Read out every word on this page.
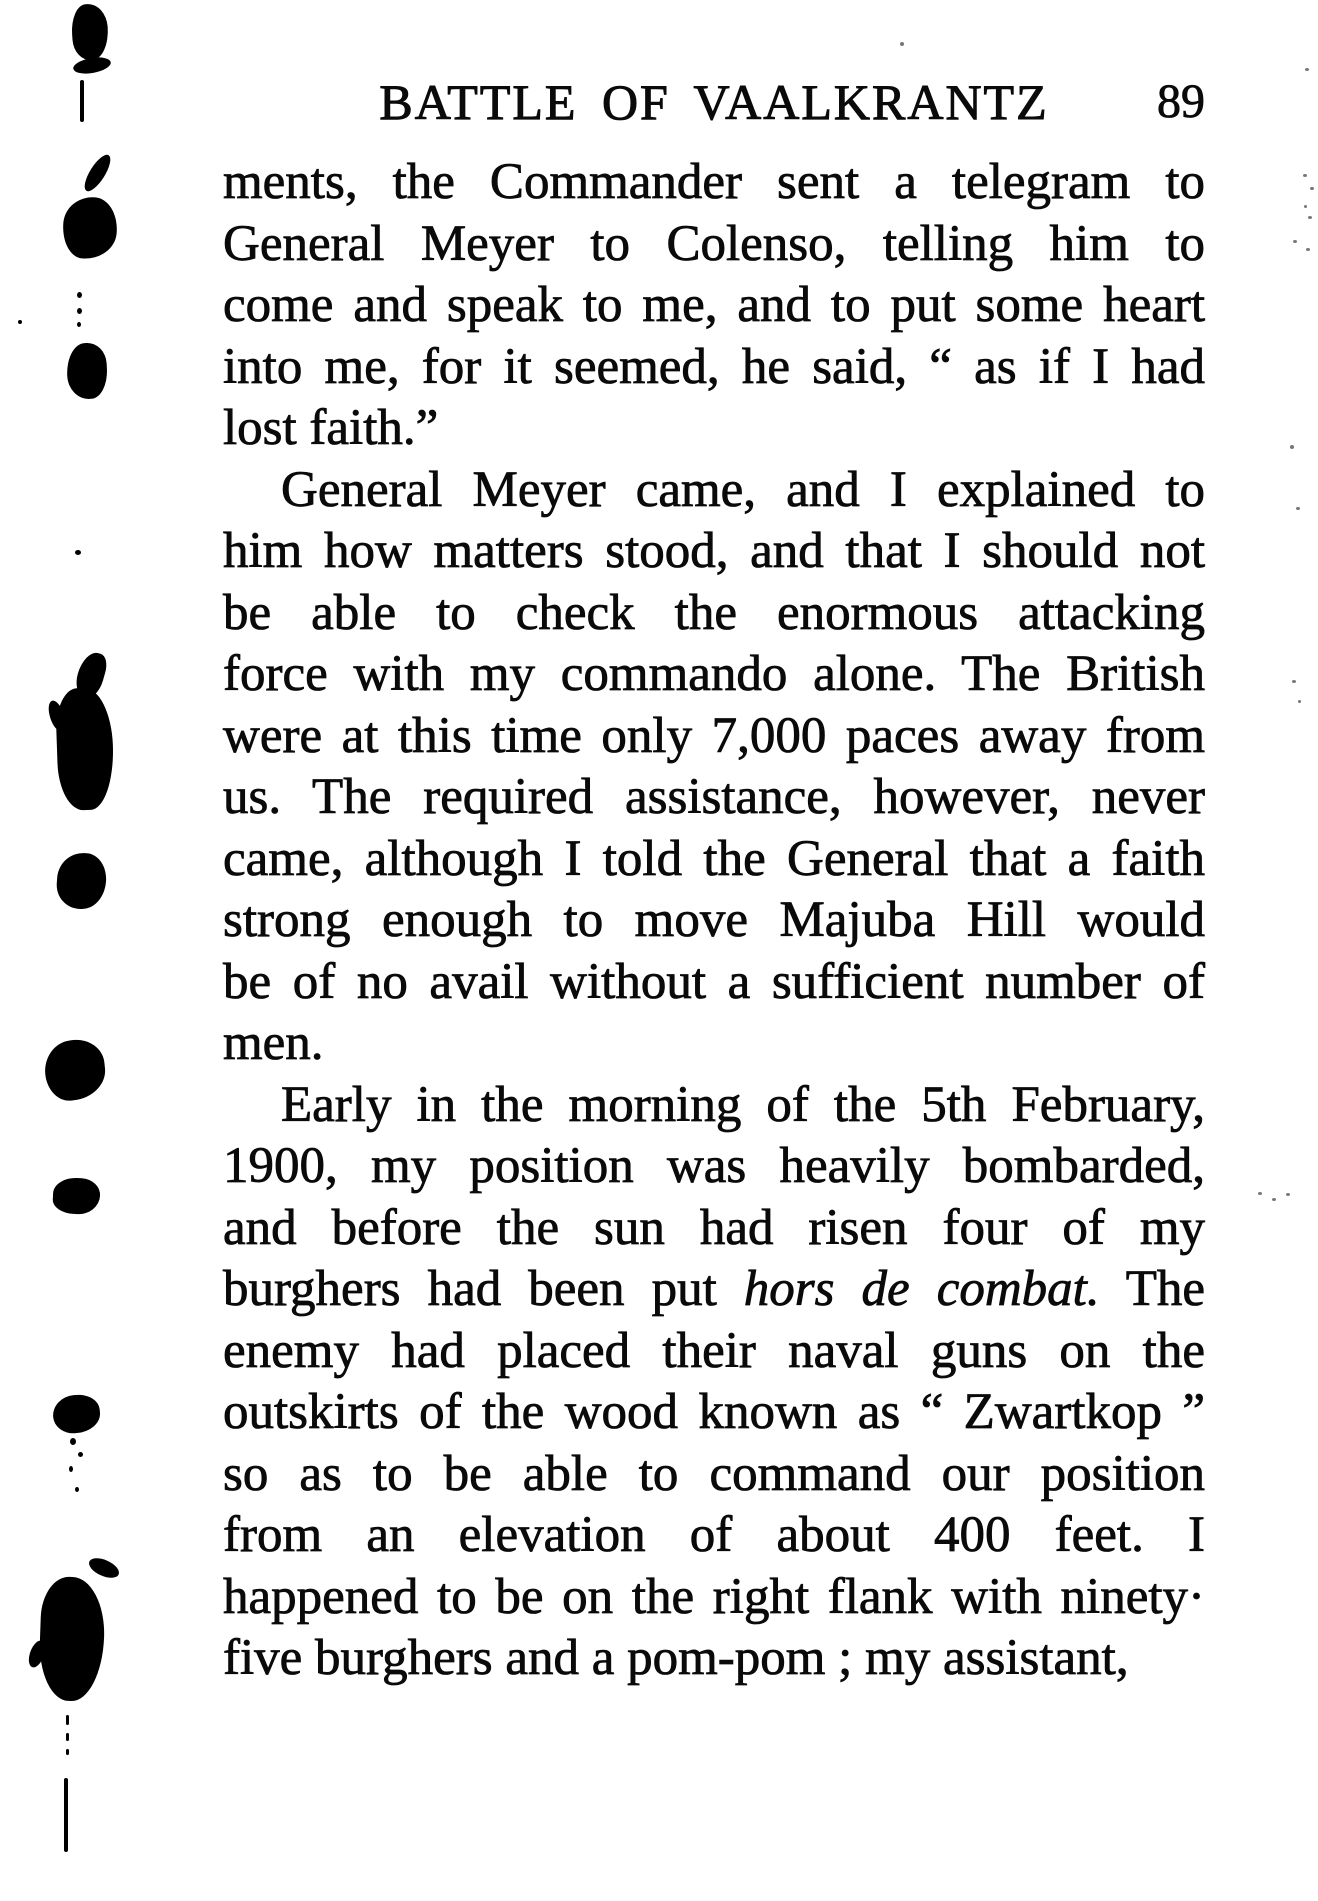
BATTLE OF VAALKRANTZ	89
ments, the Commander sent a telegram to
General Meyer to Colenso, telling him to
come and speak to me, and to put some heart
into me, for it seemed, he said, “ as if I had
lost faith.”
General Meyer came, and I explained to
him how matters stood, and that I should not
be able to check the enormous attacking
force with my commando alone. The British
were at this time only 7,000 paces away from
us. The required assistance, however, never
came, although I told the General that a faith
strong enough to move Majuba Hill would
be of no avail without a sufficient number of
men.
Early in the morning of the 5th February,
1900, my position was heavily bombarded,
and before the sun had risen four of my
burghers had been put hors de combat. The
enemy had placed their naval guns on the
outskirts of the wood known as “ Zwartkop ”
so as to be able to command our position
from an elevation of about 400 feet. I
happened to be on the right flank with ninety·
five burghers and a pom-pom ; my assistant,
